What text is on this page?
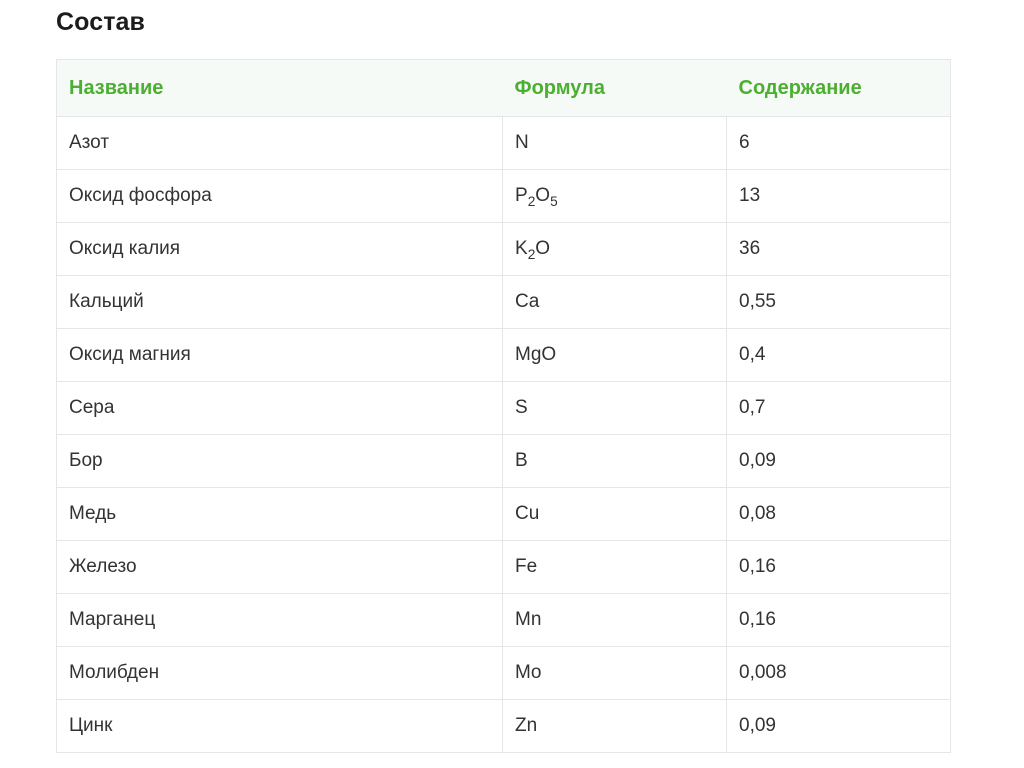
Состав
Название	Формула	Содержание
Азот	N	6
Оксид фосфора	$P_2O_5$	13
Оксид калия	$K_2O$	36
Кальций	Ca	0,55
Оксид магния	MgO	0,4
Сера	S	0,7
Бор	B	0,09
Медь	Cu	0,08
Железо	Fe	0,16
Марганец	Mn	0,16
Молибден	Mo	0,008
Цинк	Zn	0,09
